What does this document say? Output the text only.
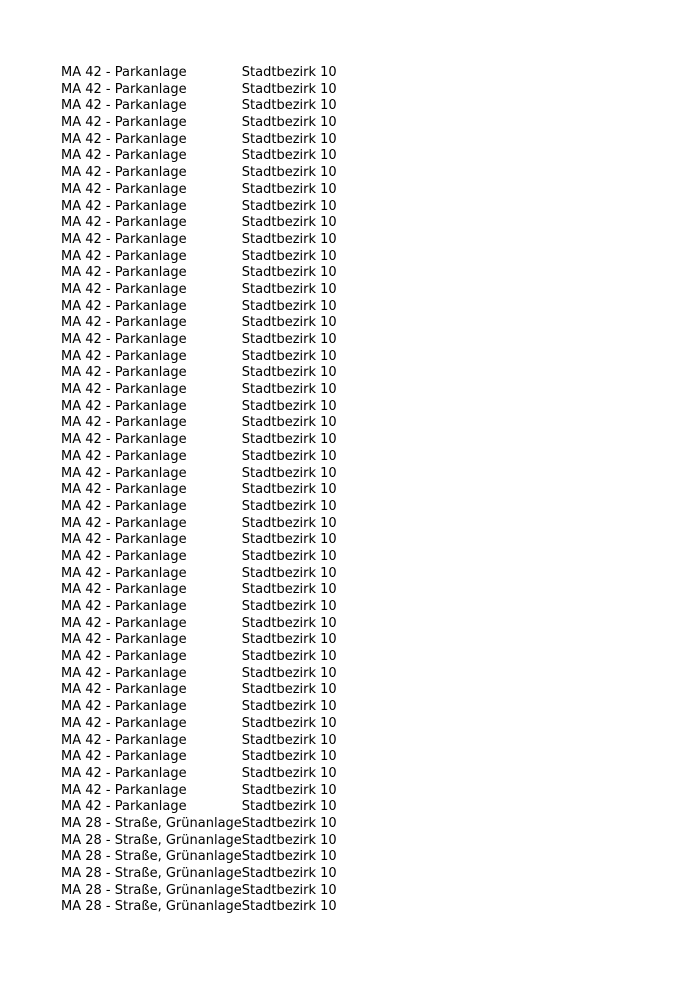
MA 42 - Parkanlage	Stadtbezirk 10
MA 42 - Parkanlage	Stadtbezirk 10
MA 42 - Parkanlage	Stadtbezirk 10
MA 42 - Parkanlage	Stadtbezirk 10
MA 42 - Parkanlage	Stadtbezirk 10
MA 42 - Parkanlage	Stadtbezirk 10
MA 42 - Parkanlage	Stadtbezirk 10
MA 42 - Parkanlage	Stadtbezirk 10
MA 42 - Parkanlage	Stadtbezirk 10
MA 42 - Parkanlage	Stadtbezirk 10
MA 42 - Parkanlage	Stadtbezirk 10
MA 42 - Parkanlage	Stadtbezirk 10
MA 42 - Parkanlage	Stadtbezirk 10
MA 42 - Parkanlage	Stadtbezirk 10
MA 42 - Parkanlage	Stadtbezirk 10
MA 42 - Parkanlage	Stadtbezirk 10
MA 42 - Parkanlage	Stadtbezirk 10
MA 42 - Parkanlage	Stadtbezirk 10
MA 42 - Parkanlage	Stadtbezirk 10
MA 42 - Parkanlage	Stadtbezirk 10
MA 42 - Parkanlage	Stadtbezirk 10
MA 42 - Parkanlage	Stadtbezirk 10
MA 42 - Parkanlage	Stadtbezirk 10
MA 42 - Parkanlage	Stadtbezirk 10
MA 42 - Parkanlage	Stadtbezirk 10
MA 42 - Parkanlage	Stadtbezirk 10
MA 42 - Parkanlage	Stadtbezirk 10
MA 42 - Parkanlage	Stadtbezirk 10
MA 42 - Parkanlage	Stadtbezirk 10
MA 42 - Parkanlage	Stadtbezirk 10
MA 42 - Parkanlage	Stadtbezirk 10
MA 42 - Parkanlage	Stadtbezirk 10
MA 42 - Parkanlage	Stadtbezirk 10
MA 42 - Parkanlage	Stadtbezirk 10
MA 42 - Parkanlage	Stadtbezirk 10
MA 42 - Parkanlage	Stadtbezirk 10
MA 42 - Parkanlage	Stadtbezirk 10
MA 42 - Parkanlage	Stadtbezirk 10
MA 42 - Parkanlage	Stadtbezirk 10
MA 42 - Parkanlage	Stadtbezirk 10
MA 42 - Parkanlage	Stadtbezirk 10
MA 42 - Parkanlage	Stadtbezirk 10
MA 42 - Parkanlage	Stadtbezirk 10
MA 42 - Parkanlage	Stadtbezirk 10
MA 42 - Parkanlage	Stadtbezirk 10
MA 28 - Straße, Grünanlage	Stadtbezirk 10
MA 28 - Straße, Grünanlage	Stadtbezirk 10
MA 28 - Straße, Grünanlage	Stadtbezirk 10
MA 28 - Straße, Grünanlage	Stadtbezirk 10
MA 28 - Straße, Grünanlage	Stadtbezirk 10
MA 28 - Straße, Grünanlage	Stadtbezirk 10
